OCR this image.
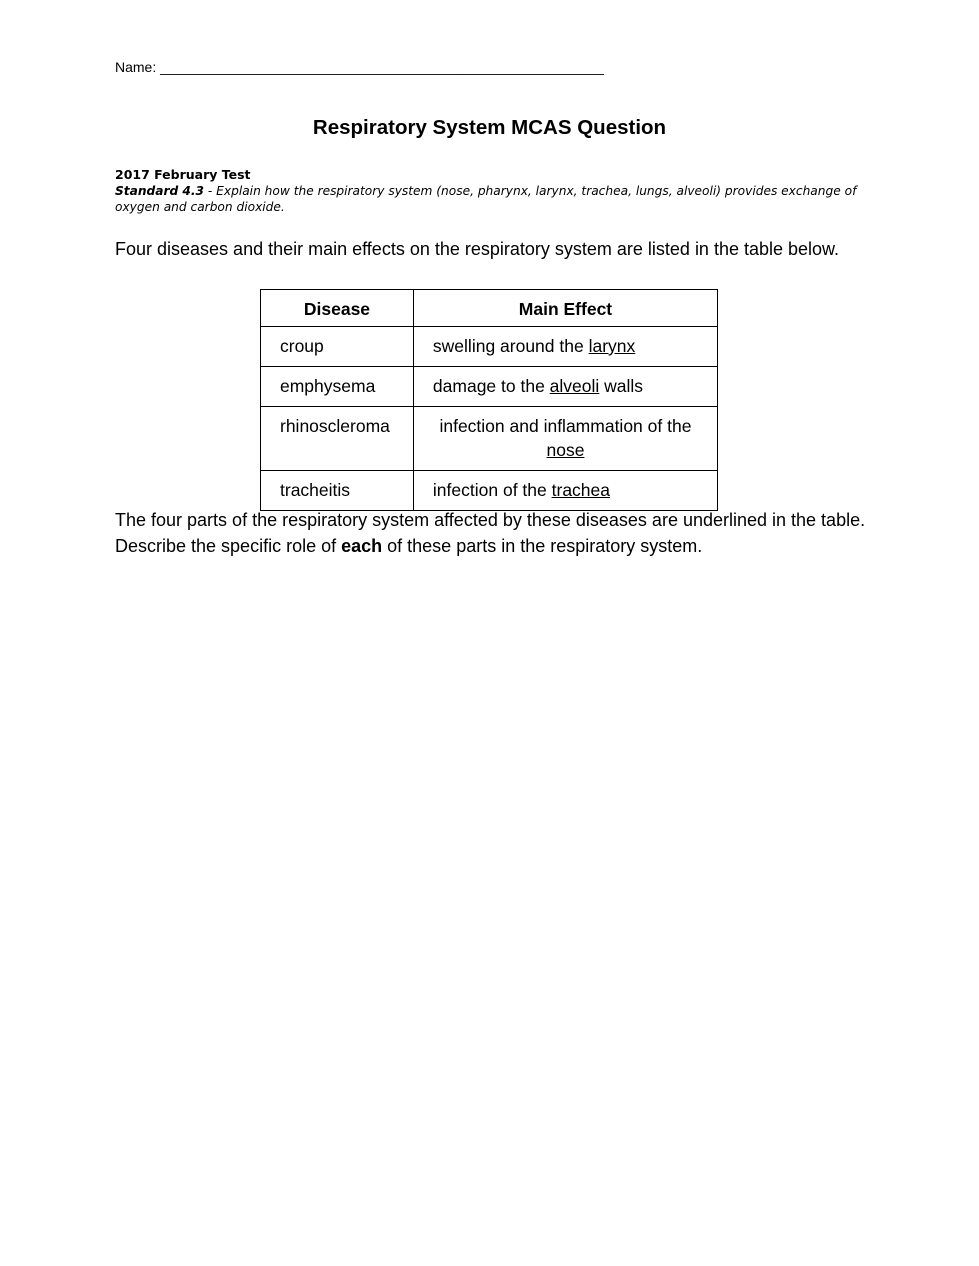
Name: _________________________________________________________
Respiratory System MCAS Question
2017 February Test
Standard 4.3 - Explain how the respiratory system (nose, pharynx, larynx, trachea, lungs, alveoli) provides exchange of oxygen and carbon dioxide.
Four diseases and their main effects on the respiratory system are listed in the table below.
Disease	Main Effect
croup	swelling around the larynx
emphysema	damage to the alveoli walls
rhinoscleroma	infection and inflammation of the nose
tracheitis	infection of the trachea
The four parts of the respiratory system affected by these diseases are underlined in the table. Describe the specific role of each of these parts in the respiratory system.
